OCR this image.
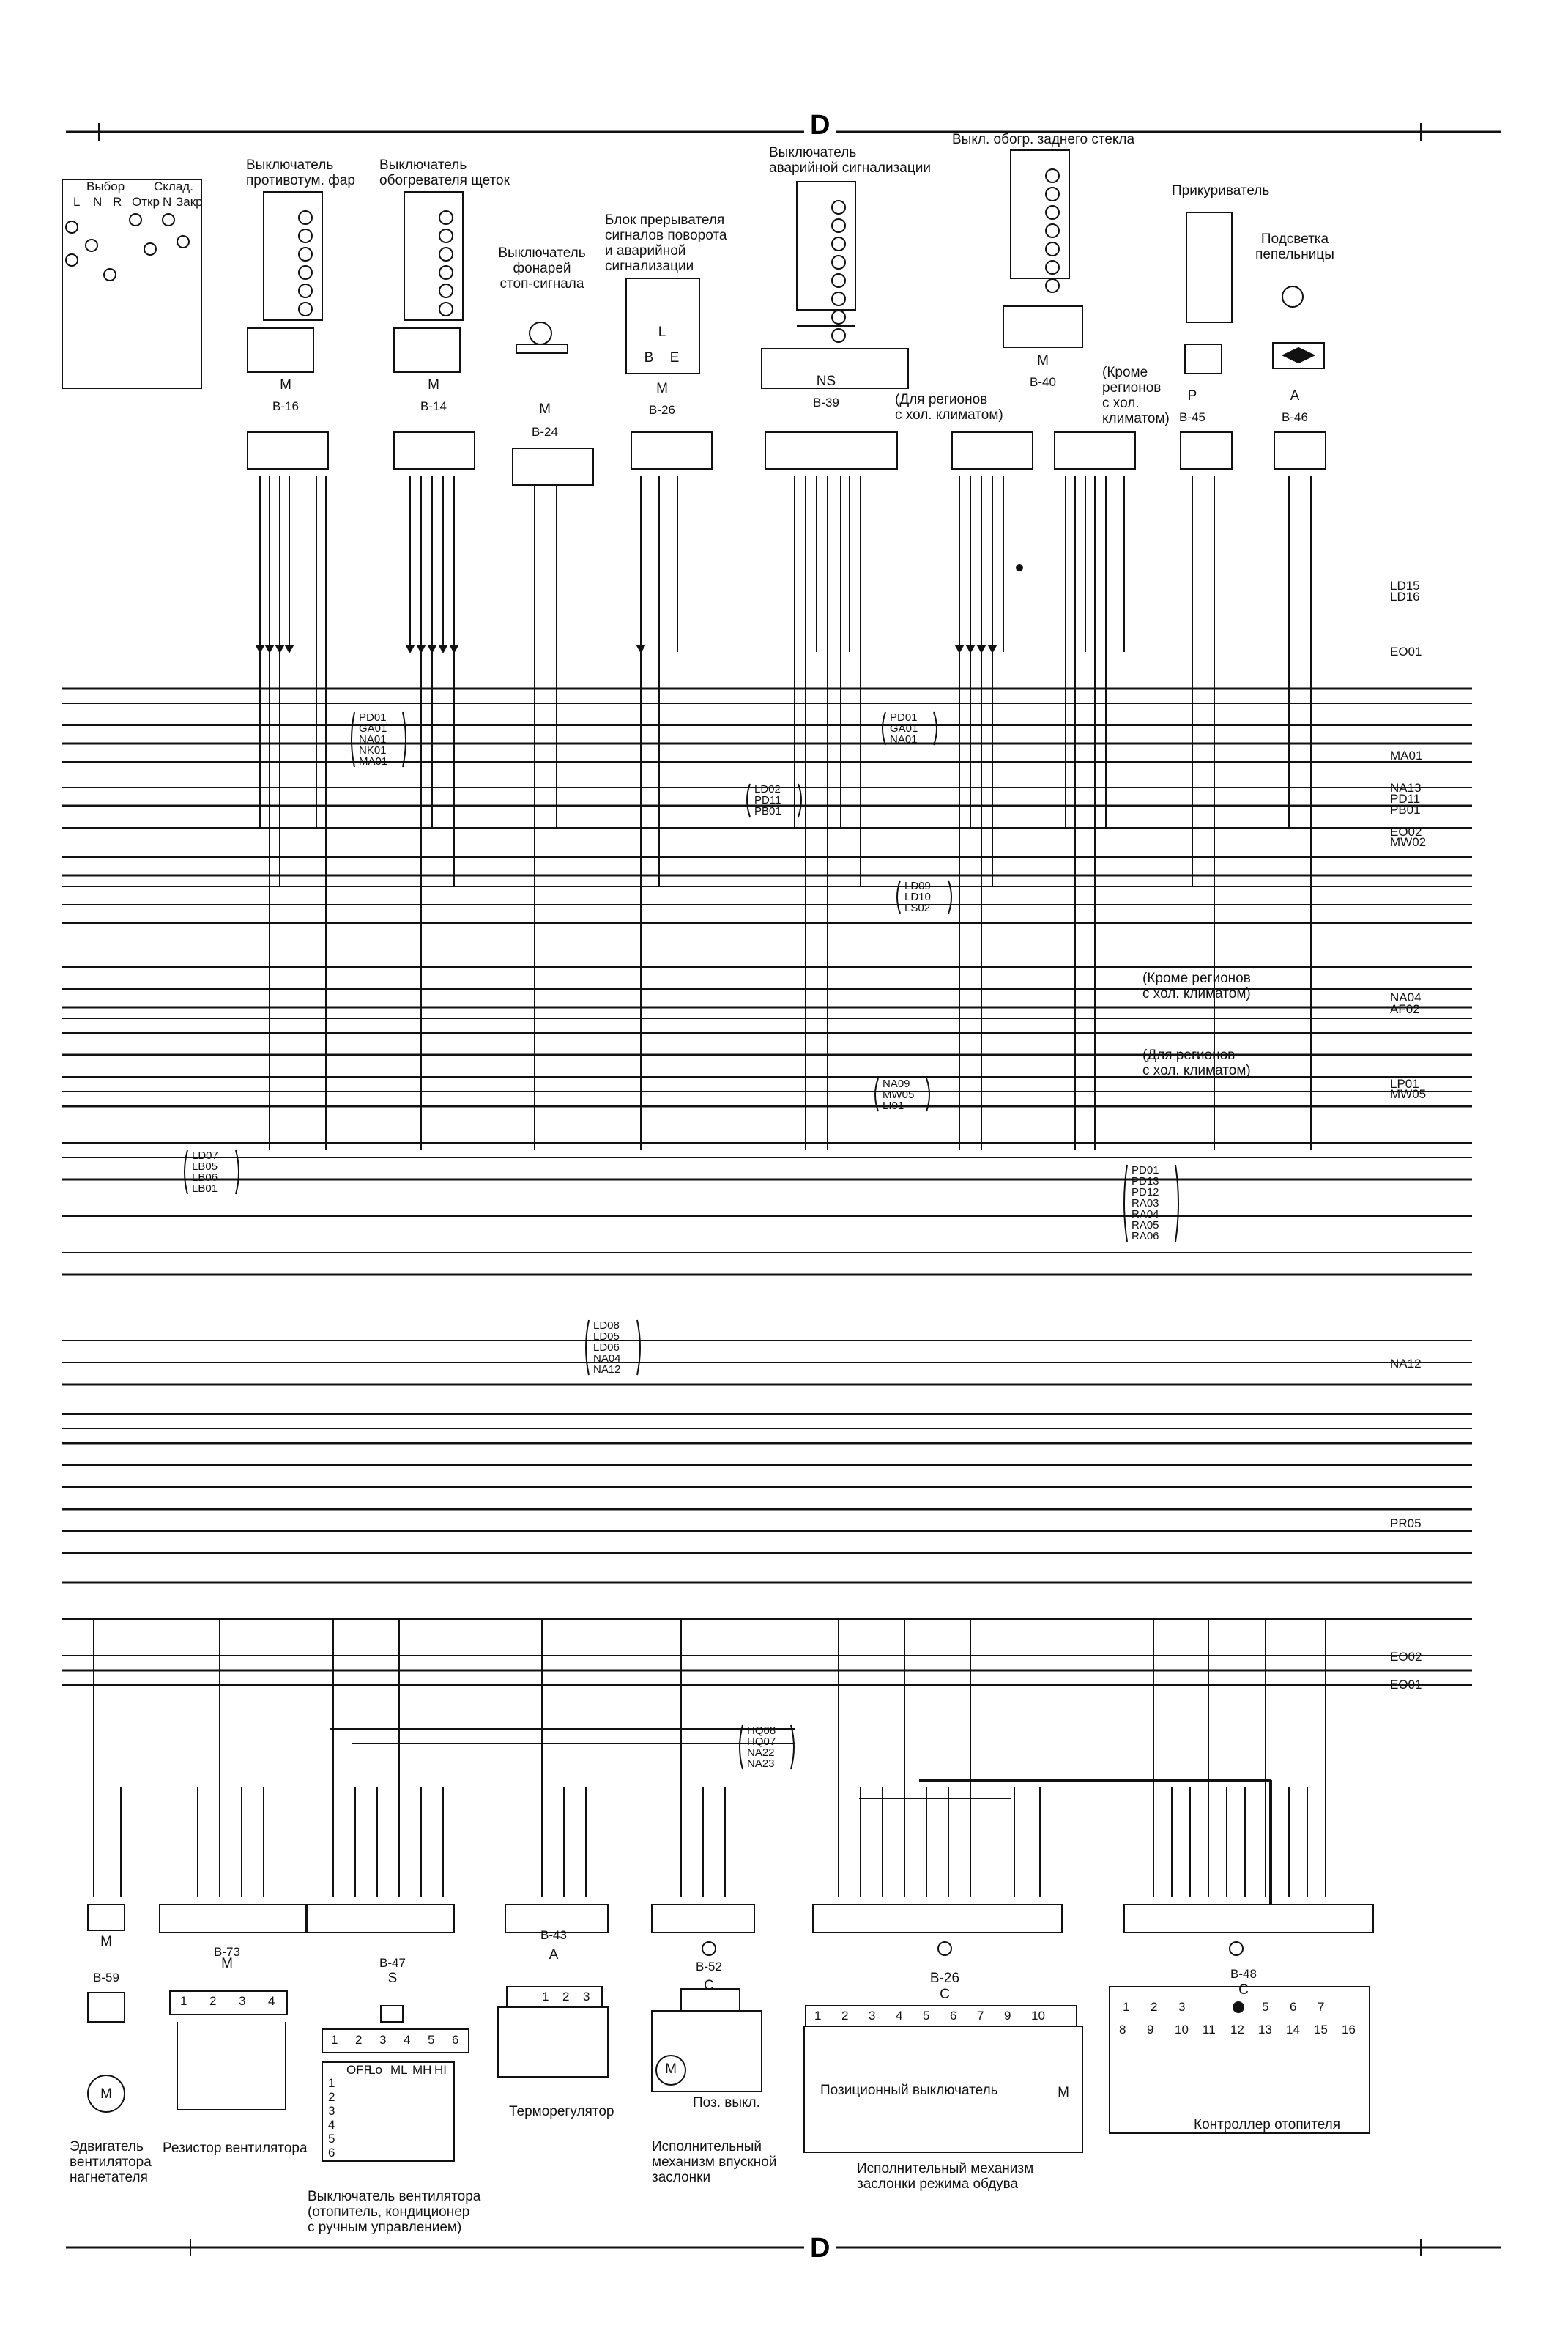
D
D
Выбор Склад.
L N R Откр N Закр
Выключатель
противотум. фар
M
B-16
Выключатель
обогревателя щеток
M
B-14
Выключатель
фонарей
стоп-сигнала
M
B-24
Блок прерывателя
сигналов поворота
и аварийной
сигнализации
L
B E
M
B-26
Выключатель
аварийной сигнализации
NS
B-39
Выкл. обогр. заднего стекла
M
B-40
Прикуриватель
P
B-45
Подсветка
пепельницы
A
B-46
(Для регионов
с хол. климатом)
(Кроме
регионов
с хол.
климатом)
(Кроме регионов
с хол. климатом)
(Для регионов
с хол. климатом)
LD15
LD16
EO01
MA01
NA13
PD11
PB01
EO02
MW02
NA04
AF02
LP01
MW05
NA12
PR05
EO02
EO01
PD01
GA01
NA01
NK01
MA01
PD01
GA01
NA01
LD02
PD11
PB01
LD09
LD10
LS02
NA09
MW05
LI01
LD07
LB05
LB06
LB01
PD01
PD13
PD12
RA03
RA04
RA05
RA06
LD08
LD05
LD06
NA04
NA12
HQ08
HQ07
NA22
NA23
M
B-59
M
Эдвигатель
вентилятора
нагнетателя
M
B-73
Резистор вентилятора
S
B-47
Выключатель вентилятора
(отопитель, кондиционер
с ручным управлением)
A
B-43
Терморегулятор
C
B-52
Поз. выкл.
M
Исполнительный
механизм впускной
заслонки
B-26
C
Позиционный выключатель	M
Исполнительный механизм
заслонки режима обдува
B-48
C
Контроллер отопителя
1 2 3 4
1 2 3 4 5 6
OFF
Lo ML MH HI
1
2
3
4
5
6
1 2 3
1 2 3 4 5 6 7 9 10
1 2 3	4 5 6 7
8 9 10 11 12 13 14 15 16
